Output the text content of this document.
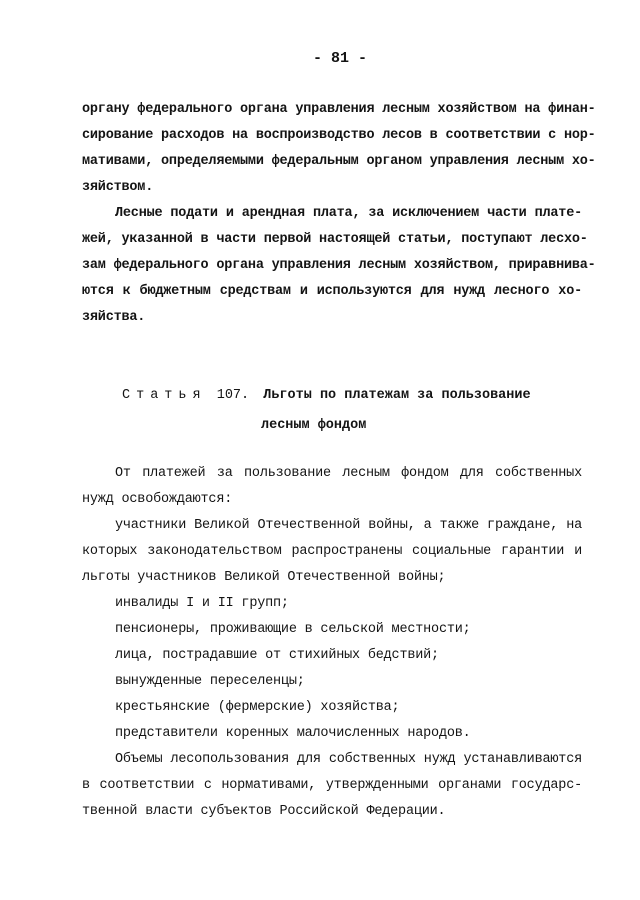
- 81 -
органу федерального органа управления лесным хозяйством на финан-
сирование расходов на воспроизводство лесов в соответствии с нор-
мативами, определяемыми федеральным органом управления лесным хо-
зяйством.
Лесные подати и арендная плата, за исключением части плате-
жей, указанной в части первой настоящей статьи, поступают лесхо-
зам федерального органа управления лесным хозяйством, приравнива-
ются к бюджетным средствам и используются для нужд лесного хо-
зяйства.
Статья 107. Льготы по платежам за пользование
лесным фондом
От платежей за пользование лесным фондом для собственных
нужд освобождаются:
участники Великой Отечественной войны, а также граждане, на
которых законодательством распространены социальные гарантии и
льготы участников Великой Отечественной войны;
инвалиды I и II групп;
пенсионеры, проживающие в сельской местности;
лица, пострадавшие от стихийных бедствий;
вынужденные переселенцы;
крестьянские (фермерские) хозяйства;
представители коренных малочисленных народов.
Объемы лесопользования для собственных нужд устанавливаются
в соответствии с нормативами, утвержденными органами государс-
твенной власти субъектов Российской Федерации.
